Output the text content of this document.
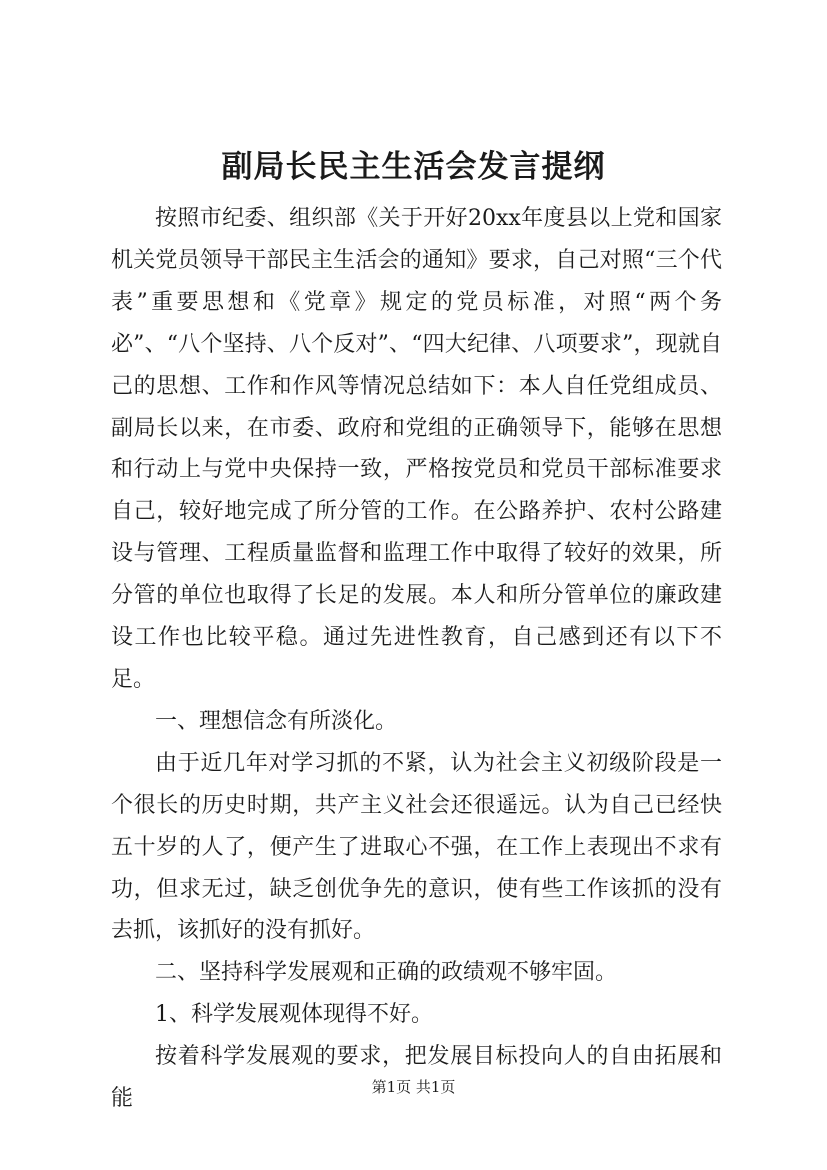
副局长民主生活会发言提纲

按照市纪委、组织部《关于开好20xx年度县以上党和国家机关党员领导干部民主生活会的通知》要求，自己对照“三个代表”重要思想和《党章》规定的党员标准，对照“两个务必”、“八个坚持、八个反对”、“四大纪律、八项要求”，现就自己的思想、工作和作风等情况总结如下：本人自任党组成员、副局长以来，在市委、政府和党组的正确领导下，能够在思想和行动上与党中央保持一致，严格按党员和党员干部标准要求自己，较好地完成了所分管的工作。在公路养护、农村公路建设与管理、工程质量监督和监理工作中取得了较好的效果，所分管的单位也取得了长足的发展。本人和所分管单位的廉政建设工作也比较平稳。通过先进性教育，自己感到还有以下不足。

一、理想信念有所淡化。

由于近几年对学习抓的不紧，认为社会主义初级阶段是一个很长的历史时期，共产主义社会还很遥远。认为自己已经快五十岁的人了，便产生了进取心不强，在工作上表现出不求有功，但求无过，缺乏创优争先的意识，使有些工作该抓的没有去抓，该抓好的没有抓好。

二、坚持科学发展观和正确的政绩观不够牢固。

1、科学发展观体现得不好。

按着科学发展观的要求，把发展目标投向人的自由拓展和能	第1页 共1页
